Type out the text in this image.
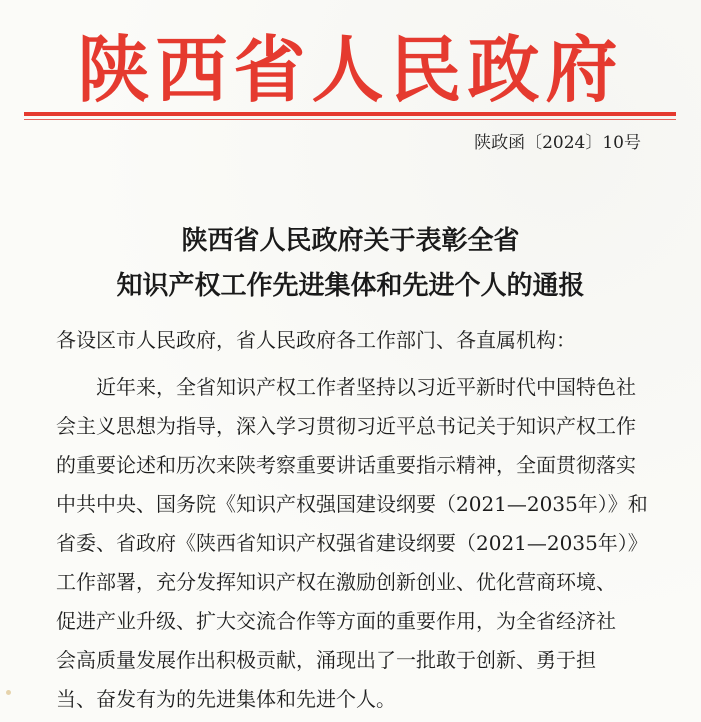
陕西省人民政府
陕政函〔2024〕10号
陕西省人民政府关于表彰全省
知识产权工作先进集体和先进个人的通报
各设区市人民政府，省人民政府各工作部门、各直属机构：
近年来，全省知识产权工作者坚持以习近平新时代中国特色社
会主义思想为指导，深入学习贯彻习近平总书记关于知识产权工作
的重要论述和历次来陕考察重要讲话重要指示精神，全面贯彻落实
中共中央、国务院《知识产权强国建设纲要（2021—2035年）》和
省委、省政府《陕西省知识产权强省建设纲要（2021—2035年）》
工作部署，充分发挥知识产权在激励创新创业、优化营商环境、
促进产业升级、扩大交流合作等方面的重要作用，为全省经济社
会高质量发展作出积极贡献，涌现出了一批敢于创新、勇于担
当、奋发有为的先进集体和先进个人。
